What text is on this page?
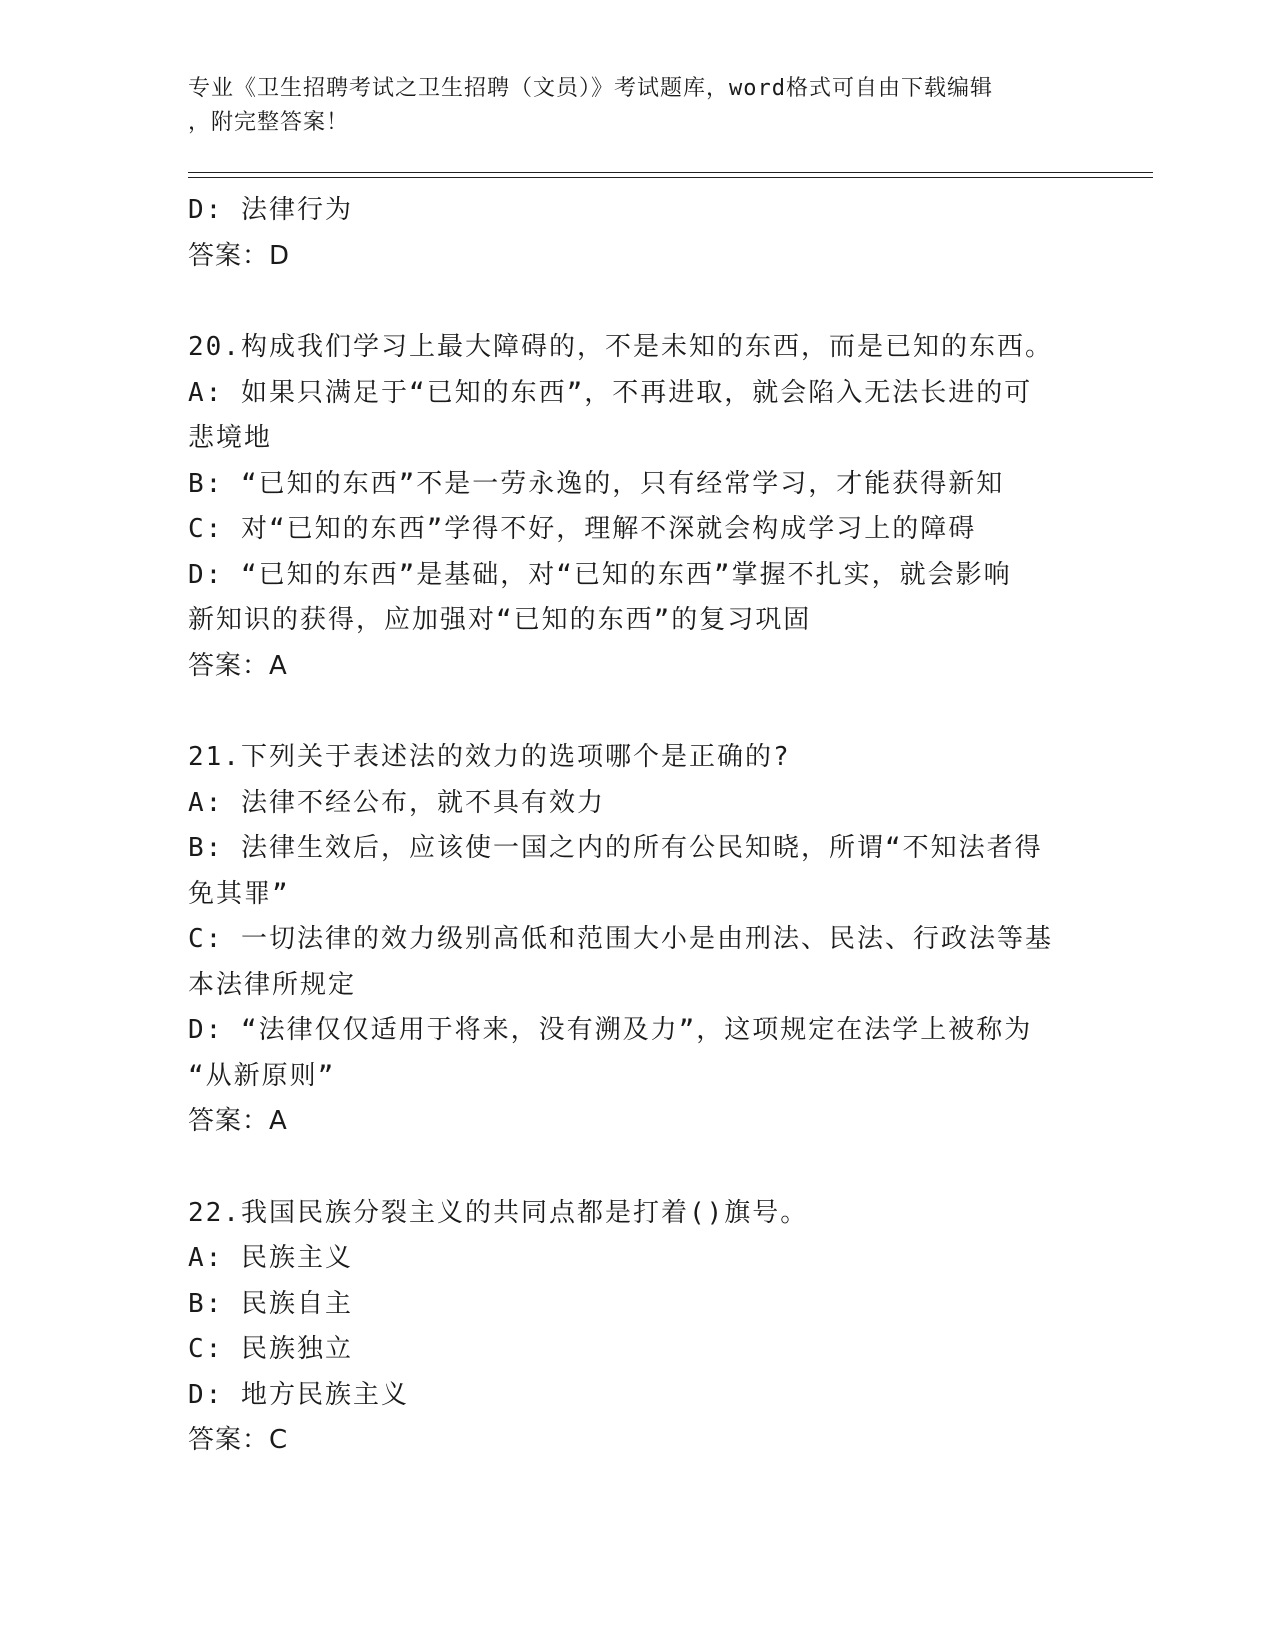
专业《卫生招聘考试之卫生招聘（文员）》考试题库，word格式可自由下载编辑
，附完整答案！
D: 法律行为
答案：D
20.构成我们学习上最大障碍的，不是未知的东西，而是已知的东西。
A: 如果只满足于“已知的东西”，不再进取，就会陷入无法长进的可
悲境地
B: “已知的东西”不是一劳永逸的，只有经常学习，才能获得新知
C: 对“已知的东西”学得不好，理解不深就会构成学习上的障碍
D: “已知的东西”是基础，对“已知的东西”掌握不扎实，就会影响
新知识的获得，应加强对“已知的东西”的复习巩固
答案：A
21.下列关于表述法的效力的选项哪个是正确的?
A: 法律不经公布，就不具有效力
B: 法律生效后，应该使一国之内的所有公民知晓，所谓“不知法者得
免其罪”
C: 一切法律的效力级别高低和范围大小是由刑法、民法、行政法等基
本法律所规定
D: “法律仅仅适用于将来，没有溯及力”，这项规定在法学上被称为
“从新原则”
答案：A
22.我国民族分裂主义的共同点都是打着()旗号。
A: 民族主义
B: 民族自主
C: 民族独立
D: 地方民族主义
答案：C
